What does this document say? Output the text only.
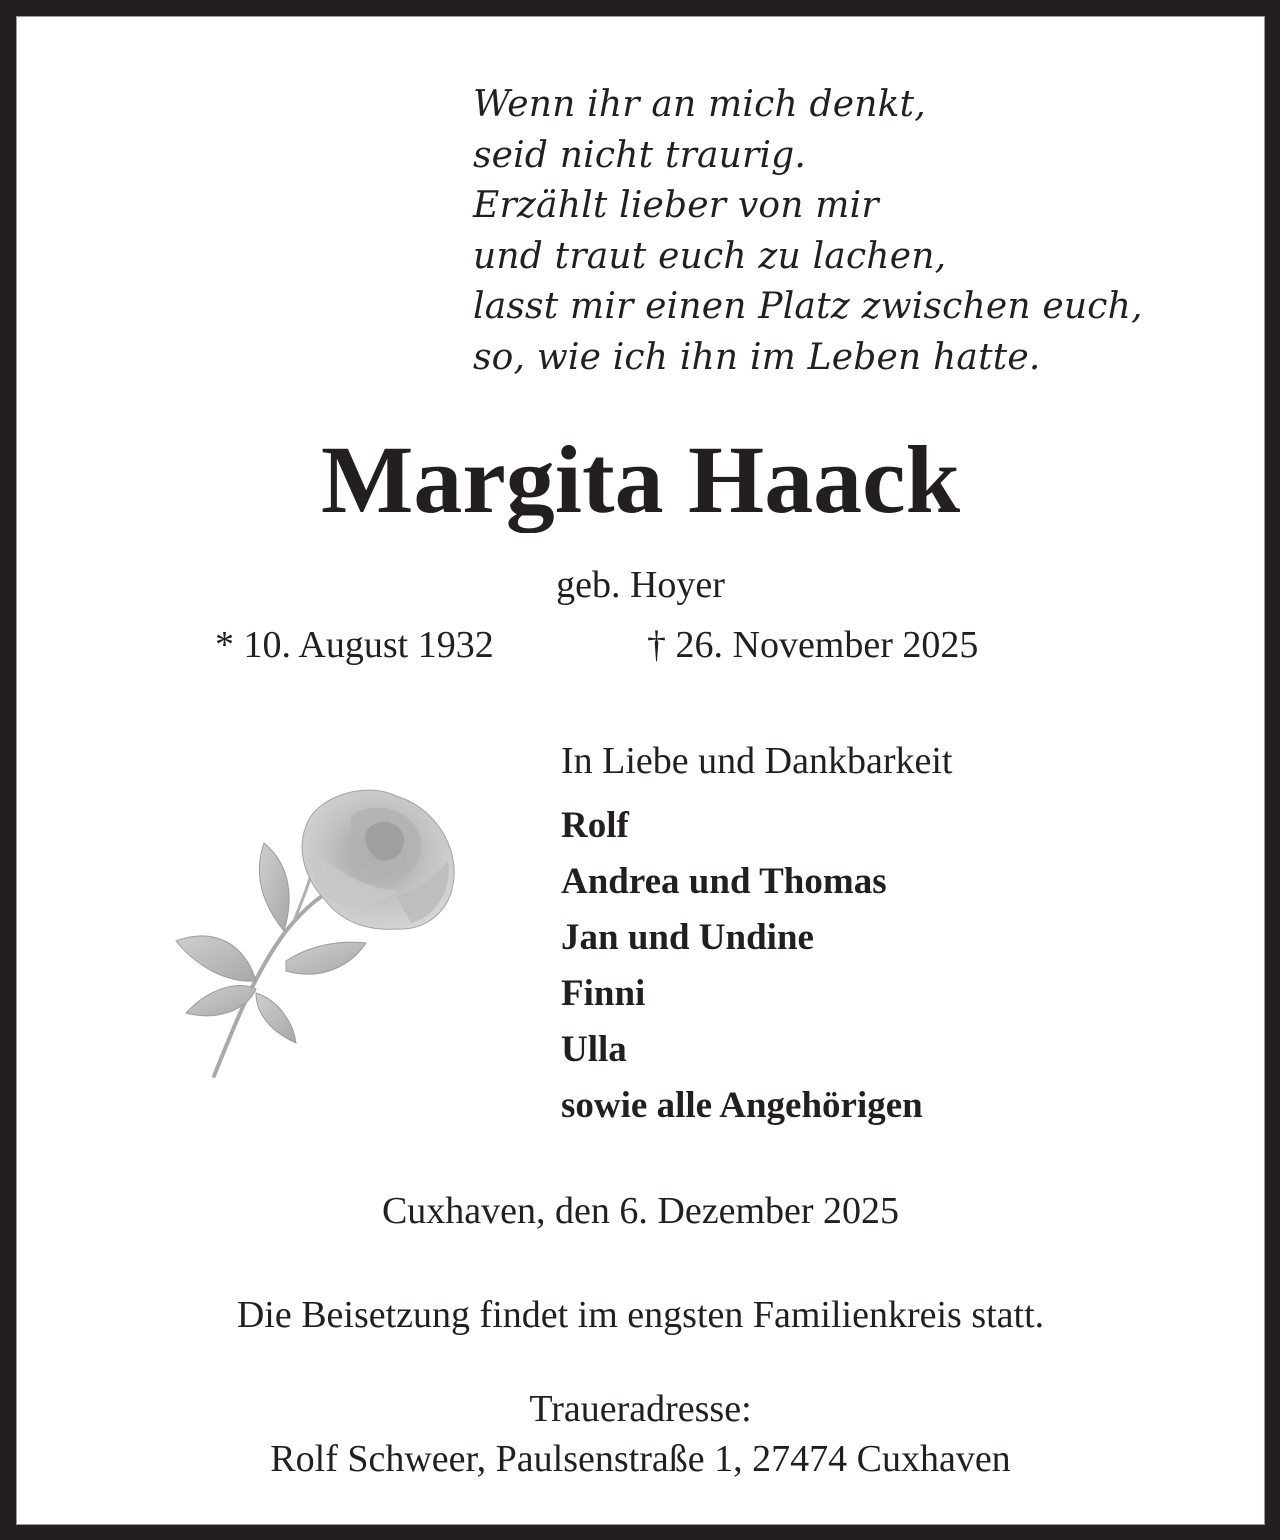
Wenn ihr an mich denkt,
seid nicht traurig.
Erzählt lieber von mir
und traut euch zu lachen,
lasst mir einen Platz zwischen euch,
so, wie ich ihn im Leben hatte.
Margita Haack
geb. Hoyer
* 10. August 1932	† 26. November 2025
In Liebe und Dankbarkeit
Rolf
Andrea und Thomas
Jan und Undine
Finni
Ulla
sowie alle Angehörigen
Cuxhaven, den 6. Dezember 2025
Die Beisetzung findet im engsten Familienkreis statt.
Traueradresse:
Rolf Schweer, Paulsenstraße 1, 27474 Cuxhaven
